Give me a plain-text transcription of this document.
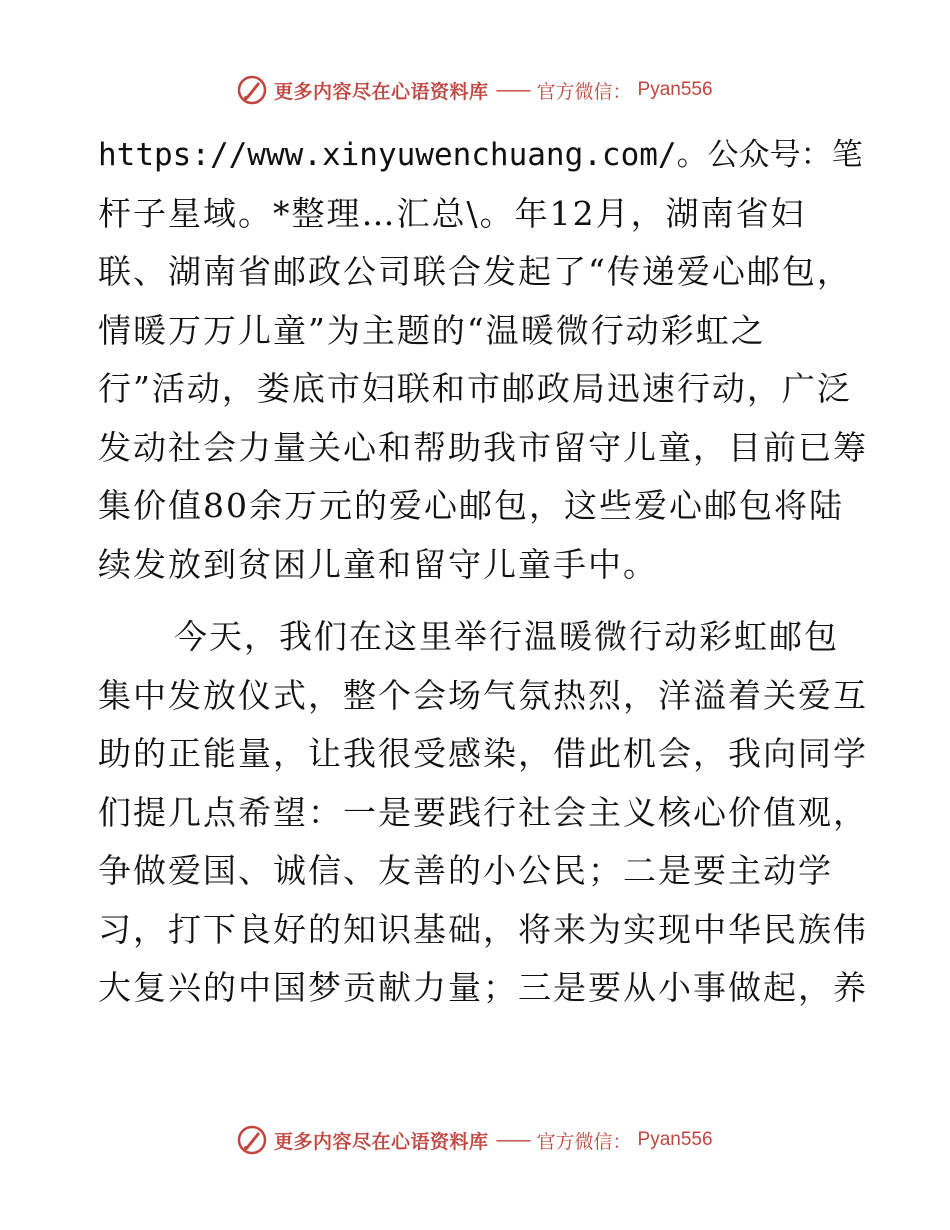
更多内容尽在心语资料库 —— 官方微信： Pyan556
https://www.xinyuwenchuang.com/。公众号：笔
杆子星域。*整理…汇总\。年12月，湖南省妇
联、湖南省邮政公司联合发起了“传递爱心邮包，
情暖万万儿童”为主题的“温暖微行动彩虹之
行”活动，娄底市妇联和市邮政局迅速行动，广泛
发动社会力量关心和帮助我市留守儿童，目前已筹
集价值80余万元的爱心邮包，这些爱心邮包将陆
续发放到贫困儿童和留守儿童手中。
今天，我们在这里举行温暖微行动彩虹邮包
集中发放仪式，整个会场气氛热烈，洋溢着关爱互
助的正能量，让我很受感染，借此机会，我向同学
们提几点希望：一是要践行社会主义核心价值观，
争做爱国、诚信、友善的小公民；二是要主动学
习，打下良好的知识基础，将来为实现中华民族伟
大复兴的中国梦贡献力量；三是要从小事做起，养
更多内容尽在心语资料库 —— 官方微信： Pyan556
